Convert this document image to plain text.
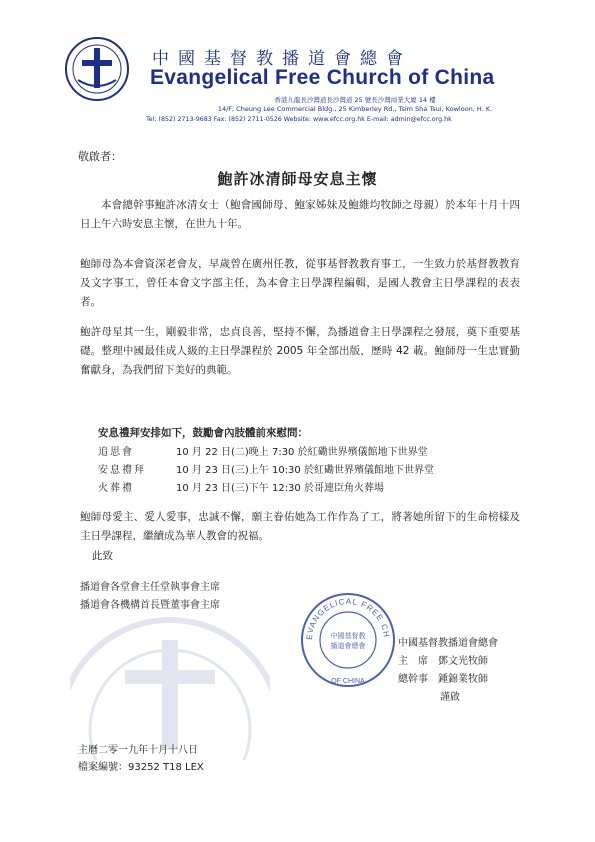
中國基督教播道會總會
Evangelical Free Church of China
香港九龍長沙灣道長沙灣道 25 號長沙灣商業大廈 14 樓
14/F, Cheung Lee Commercial Bldg., 25 Kimberley Rd., Tsim Sha Tsui, Kowloon, H. K.
Tel: (852) 2713-9683 Fax: (852) 2711-0526 Website: www.efcc.org.hk E-mail: admin@efcc.org.hk
敬啟者：
鮑許冰清師母安息主懷
本會總幹事鮑許冰清女士（鮑會國師母、鮑家姊妹及鮑維均牧師之母親）於本年十月十四日上午六時安息主懷，在世九十年。
鮑師母為本會資深老會友，早歲曾在廣州任教，從事基督教教育事工，一生致力於基督教教育及文字事工，曾任本會文字部主任，為本會主日學課程編輯，是國人教會主日學課程的表表者。
鮑許母星其一生，剛毅非常，忠貞良善，堅持不懈，為播道會主日學課程之發展，奠下重要基礎。整理中國最佳成人級的主日學課程於 2005 年全部出版，歷時 42 載。鮑師母一生忠實勤奮獻身，為我們留下美好的典範。
安息禮拜安排如下，鼓勵會內肢體前來慰問：
追思會	10 月 22 日(二)晚上 7:30 於紅磡世界殯儀館地下世界堂
安息禮拜	10 月 23 日(三)上午 10:30 於紅磡世界殯儀館地下世界堂
火葬禮	10 月 23 日(三)下午 12:30 於哥連臣角火葬場
鮑師母愛主、愛人愛事，忠誠不懈，願主眷佑她為工作作為了工，將著她所留下的生命榜樣及主日學課程，繼續成為華人教會的祝福。
此致
播道會各堂會主任堂執事會主席
播道會各機構首長暨董事會主席
EVANGELICAL FREE CH
OF CHINA
中國基督教
播道會總會	中國基督教播道會總會
主　席　鄧文光牧師
總幹事　鍾錦業牧師
謹啟
主曆二零一九年十月十八日
檔案編號：93252 T18 LEX
